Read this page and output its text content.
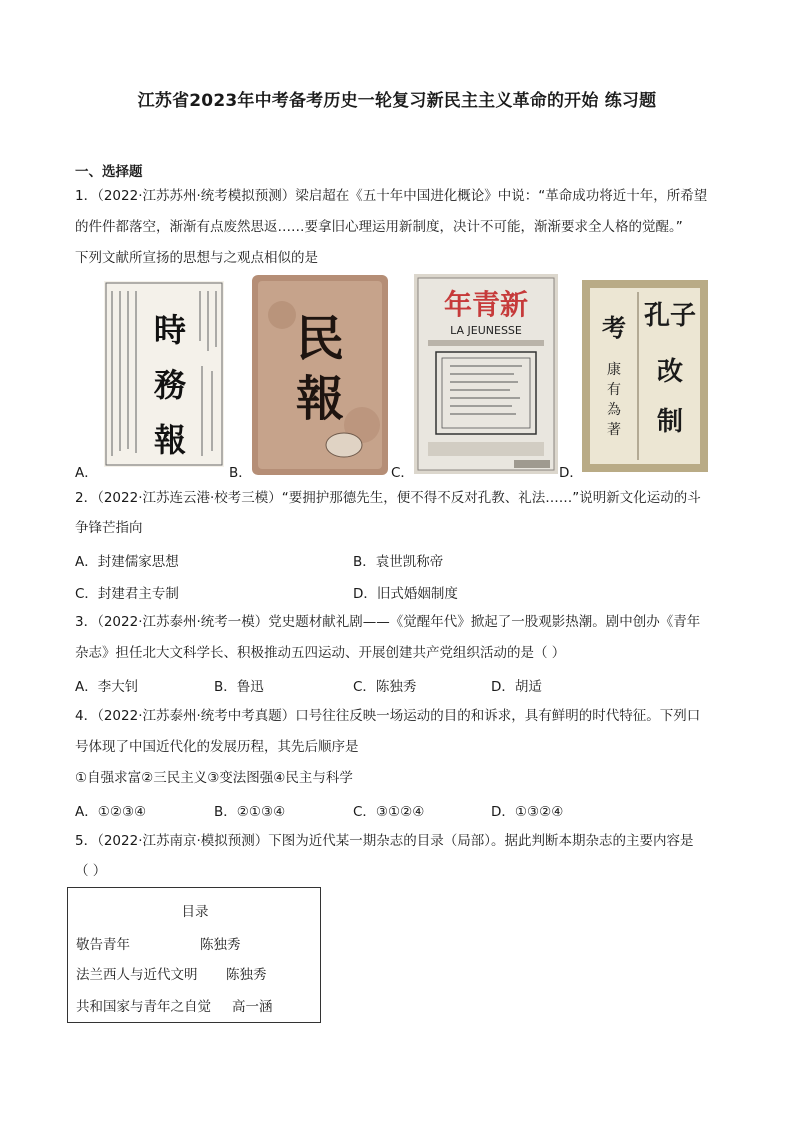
江苏省2023年中考备考历史一轮复习新民主主义革命的开始 练习题
一、选择题
1．（2022·江苏苏州·统考模拟预测）梁启超在《五十年中国进化概论》中说：“革命成功将近十年，所希望
的件件都落空，渐渐有点废然思返……要拿旧心理运用新制度，决计不可能，渐渐要求全人格的觉醒。”
下列文献所宣扬的思想与之观点相似的是
時
務
報
A．
民
報
B．
年青新
LA JEUNESSE
C．
孔子
改
制
考
康
有
為
著
D．
2．（2022·江苏连云港·校考三模）“要拥护那德先生，便不得不反对孔教、礼法……”说明新文化运动的斗
争锋芒指向
A．封建儒家思想	B．袁世凯称帝
C．封建君主专制	D．旧式婚姻制度
3．（2022·江苏泰州·统考一模）党史题材献礼剧——《觉醒年代》掀起了一股观影热潮。剧中创办《青年
杂志》担任北大文科学长、积极推动五四运动、开展创建共产党组织活动的是（ ）
A．李大钊	B．鲁迅	C．陈独秀	D．胡适
4．（2022·江苏泰州·统考中考真题）口号往往反映一场运动的目的和诉求，具有鲜明的时代特征。下列口
号体现了中国近代化的发展历程，其先后顺序是
①自强求富②三民主义③变法图强④民主与科学
A．①②③④	B．②①③④	C．③①②④	D．①③②④
5．（2022·江苏南京·模拟预测）下图为近代某一期杂志的目录（局部）。据此判断本期杂志的主要内容是
（ ）
目录
敬告青年	陈独秀
法兰西人与近代文明 陈独秀
共和国家与青年之自觉 高一涵
